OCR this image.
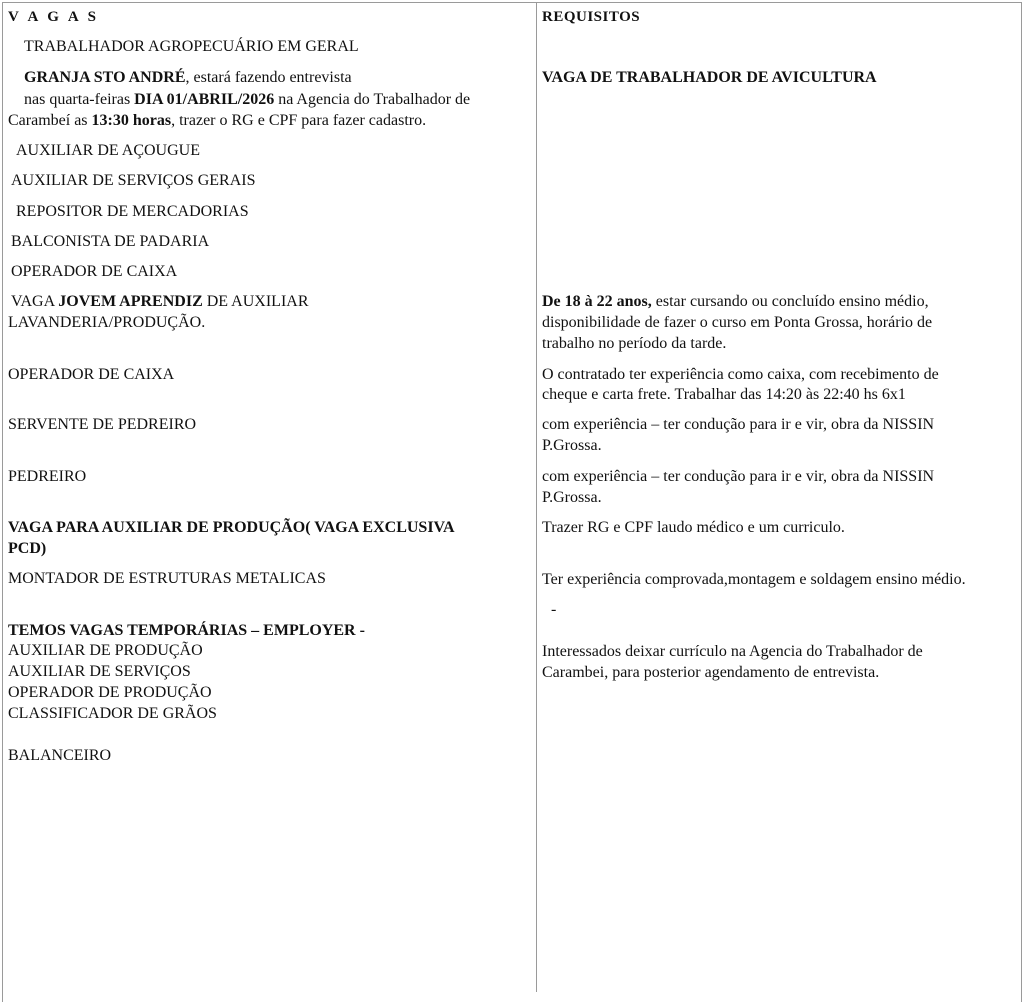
V A G A S	REQUISITOS
TRABALHADOR AGROPECUÁRIO EM GERAL
GRANJA STO ANDRÉ, estará fazendo entrevista
nas quarta-feiras DIA 01/ABRIL/2026 na Agencia do Trabalhador de
Carambeí as 13:30 horas, trazer o RG e CPF para fazer cadastro.
AUXILIAR DE AÇOUGUE
AUXILIAR DE SERVIÇOS GERAIS
REPOSITOR DE MERCADORIAS
BALCONISTA DE PADARIA
OPERADOR DE CAIXA
VAGA JOVEM APRENDIZ DE AUXILIAR
LAVANDERIA/PRODUÇÃO.
OPERADOR DE CAIXA
SERVENTE DE PEDREIRO
PEDREIRO
VAGA PARA AUXILIAR DE PRODUÇÃO( VAGA EXCLUSIVA
PCD)
MONTADOR DE ESTRUTURAS METALICAS
TEMOS VAGAS TEMPORÁRIAS – EMPLOYER -
AUXILIAR DE PRODUÇÃO
AUXILIAR DE SERVIÇOS
OPERADOR DE PRODUÇÃO
CLASSIFICADOR DE GRÃOS
BALANCEIRO
VAGA DE TRABALHADOR DE AVICULTURA
De 18 à 22 anos, estar cursando ou concluído ensino médio,
disponibilidade de fazer o curso em Ponta Grossa, horário de
trabalho no período da tarde.
O contratado ter experiência como caixa, com recebimento de
cheque e carta frete. Trabalhar das 14:20 às 22:40 hs 6x1
com experiência – ter condução para ir e vir, obra da NISSIN
P.Grossa.
com experiência – ter condução para ir e vir, obra da NISSIN
P.Grossa.
Trazer RG e CPF laudo médico e um curriculo.
Ter experiência comprovada,montagem e soldagem ensino médio.
-
Interessados deixar currículo na Agencia do Trabalhador de
Carambei, para posterior agendamento de entrevista.
